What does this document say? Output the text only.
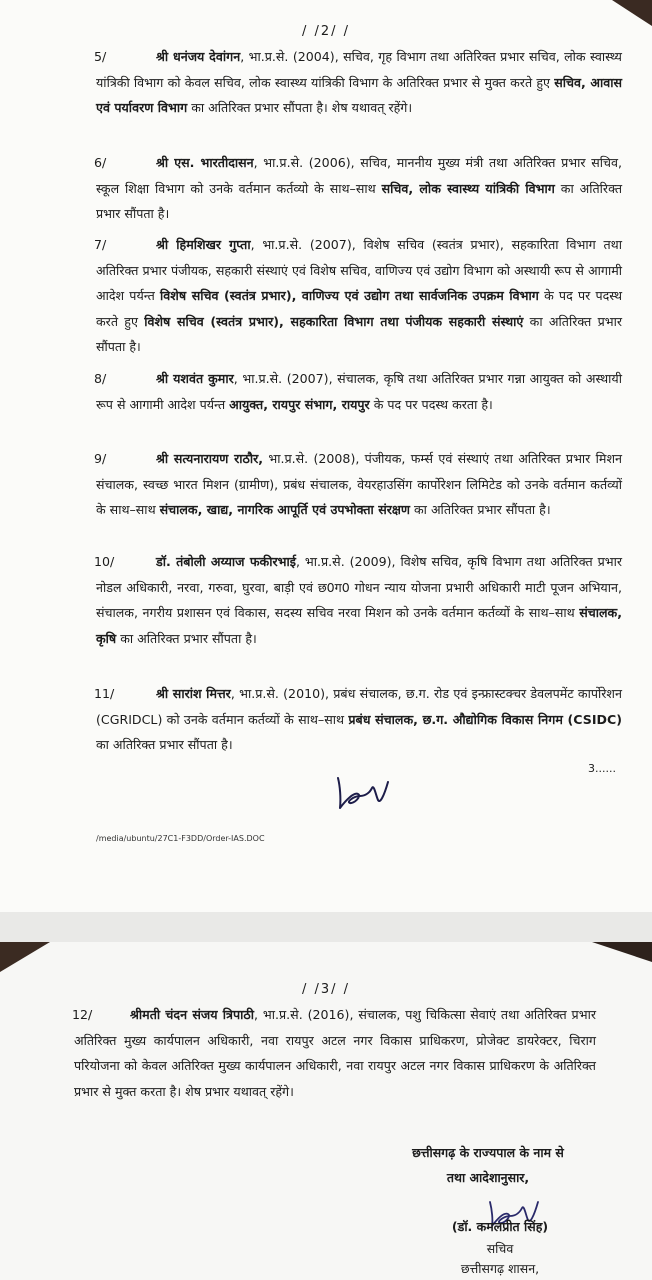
/ /2/ /
5/	श्री धनंजय देवांगन, भा.प्र.से. (2004), सचिव, गृह विभाग तथा अतिरिक्त प्रभार सचिव, लोक स्वास्थ्य यांत्रिकी विभाग को केवल सचिव, लोक स्वास्थ्य यांत्रिकी विभाग के अतिरिक्त प्रभार से मुक्त करते हुए सचिव, आवास एवं पर्यावरण विभाग का अतिरिक्त प्रभार सौंपता है। शेष यथावत् रहेंगे।
6/	श्री एस. भारतीदासन, भा.प्र.से. (2006), सचिव, माननीय मुख्य मंत्री तथा अतिरिक्त प्रभार सचिव, स्कूल शिक्षा विभाग को उनके वर्तमान कर्तव्यो के साथ–साथ सचिव, लोक स्वास्थ्य यांत्रिकी विभाग का अतिरिक्त प्रभार सौंपता है।
7/	श्री हिमशिखर गुप्ता, भा.प्र.से. (2007), विशेष सचिव (स्वतंत्र प्रभार), सहकारिता विभाग तथा अतिरिक्त प्रभार पंजीयक, सहकारी संस्थाएं एवं विशेष सचिव, वाणिज्य एवं उद्योग विभाग को अस्थायी रूप से आगामी आदेश पर्यन्त विशेष सचिव (स्वतंत्र प्रभार), वाणिज्य एवं उद्योग तथा सार्वजनिक उपक्रम विभाग के पद पर पदस्थ करते हुए विशेष सचिव (स्वतंत्र प्रभार), सहकारिता विभाग तथा पंजीयक सहकारी संस्थाएं का अतिरिक्त प्रभार सौंपता है।
8/	श्री यशवंत कुमार, भा.प्र.से. (2007), संचालक, कृषि तथा अतिरिक्त प्रभार गन्ना आयुक्त को अस्थायी रूप से आगामी आदेश पर्यन्त आयुक्त, रायपुर संभाग, रायपुर के पद पर पदस्थ करता है।
9/	श्री सत्यनारायण राठौर, भा.प्र.से. (2008), पंजीयक, फर्म्स एवं संस्थाएं तथा अतिरिक्त प्रभार मिशन संचालक, स्वच्छ भारत मिशन (ग्रामीण), प्रबंध संचालक, वेयरहाउसिंग कार्पोरेशन लिमिटेड को उनके वर्तमान कर्तव्यों के साथ–साथ संचालक, खाद्य, नागरिक आपूर्ति एवं उपभोक्ता संरक्षण का अतिरिक्त प्रभार सौंपता है।
10/	डॉ. तंबोली अय्याज फकीरभाई, भा.प्र.से. (2009), विशेष सचिव, कृषि विभाग तथा अतिरिक्त प्रभार नोडल अधिकारी, नरवा, गरुवा, घुरवा, बाड़ी एवं छ0ग0 गोधन न्याय योजना प्रभारी अधिकारी माटी पूजन अभियान, संचालक, नगरीय प्रशासन एवं विकास, सदस्य सचिव नरवा मिशन को उनके वर्तमान कर्तव्यों के साथ–साथ संचालक, कृषि का अतिरिक्त प्रभार सौंपता है।
11/	श्री सारांश मित्तर, भा.प्र.से. (2010), प्रबंध संचालक, छ.ग. रोड एवं इन्फ्रास्टक्चर डेवलपमेंट कार्पोरेशन (CGRIDCL) को उनके वर्तमान कर्तव्यों के साथ–साथ प्रबंध संचालक, छ.ग. औद्योगिक विकास निगम (CSIDC) का अतिरिक्त प्रभार सौंपता है।
3......
/media/ubuntu/27C1-F3DD/Order-IAS.DOC
/ /3/ /
12/	श्रीमती चंदन संजय त्रिपाठी, भा.प्र.से. (2016), संचालक, पशु चिकित्सा सेवाएं तथा अतिरिक्त प्रभार अतिरिक्त मुख्य कार्यपालन अधिकारी, नवा रायपुर अटल नगर विकास प्राधिकरण, प्रोजेक्ट डायरेक्टर, चिराग परियोजना को केवल अतिरिक्त मुख्य कार्यपालन अधिकारी, नवा रायपुर अटल नगर विकास प्राधिकरण के अतिरिक्त प्रभार से मुक्त करता है। शेष प्रभार यथावत् रहेंगे।
छत्तीसगढ़ के राज्यपाल के नाम से
तथा आदेशानुसार,
(डॉ. कमलप्रीत सिंह)
सचिव
छत्तीसगढ़ शासन,
